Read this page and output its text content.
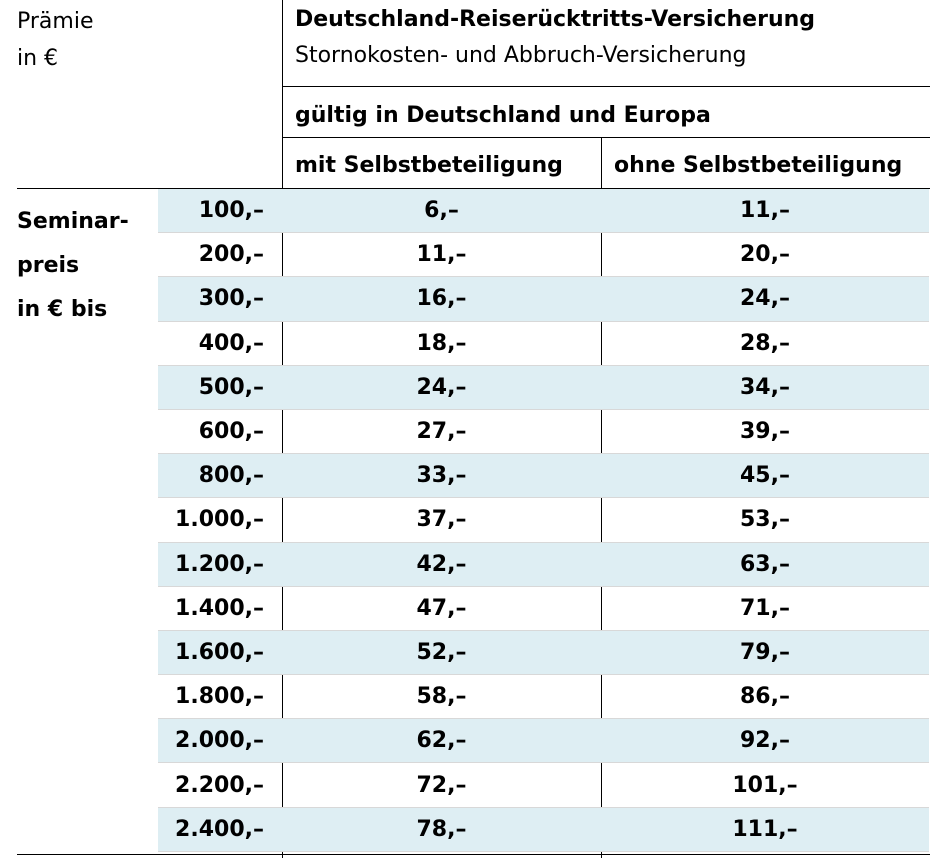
Prämie
in €
Deutschland-Reiserücktritts-Versicherung
Stornokosten- und Abbruch-Versicherung
gültig in Deutschland und Europa
mit Selbstbeteiligung ohne Selbstbeteiligung
Seminar-
preis
in € bis
100,–	6,–	11,–
200,–	11,–	20,–
300,–	16,–	24,–
400,–	18,–	28,–
500,–	24,–	34,–
600,–	27,–	39,–
800,–	33,–	45,–
1.000,–	37,–	53,–
1.200,–	42,–	63,–
1.400,–	47,–	71,–
1.600,–	52,–	79,–
1.800,–	58,–	86,–
2.000,–	62,–	92,–
2.200,–	72,–	101,–
2.400,–	78,–	111,–
